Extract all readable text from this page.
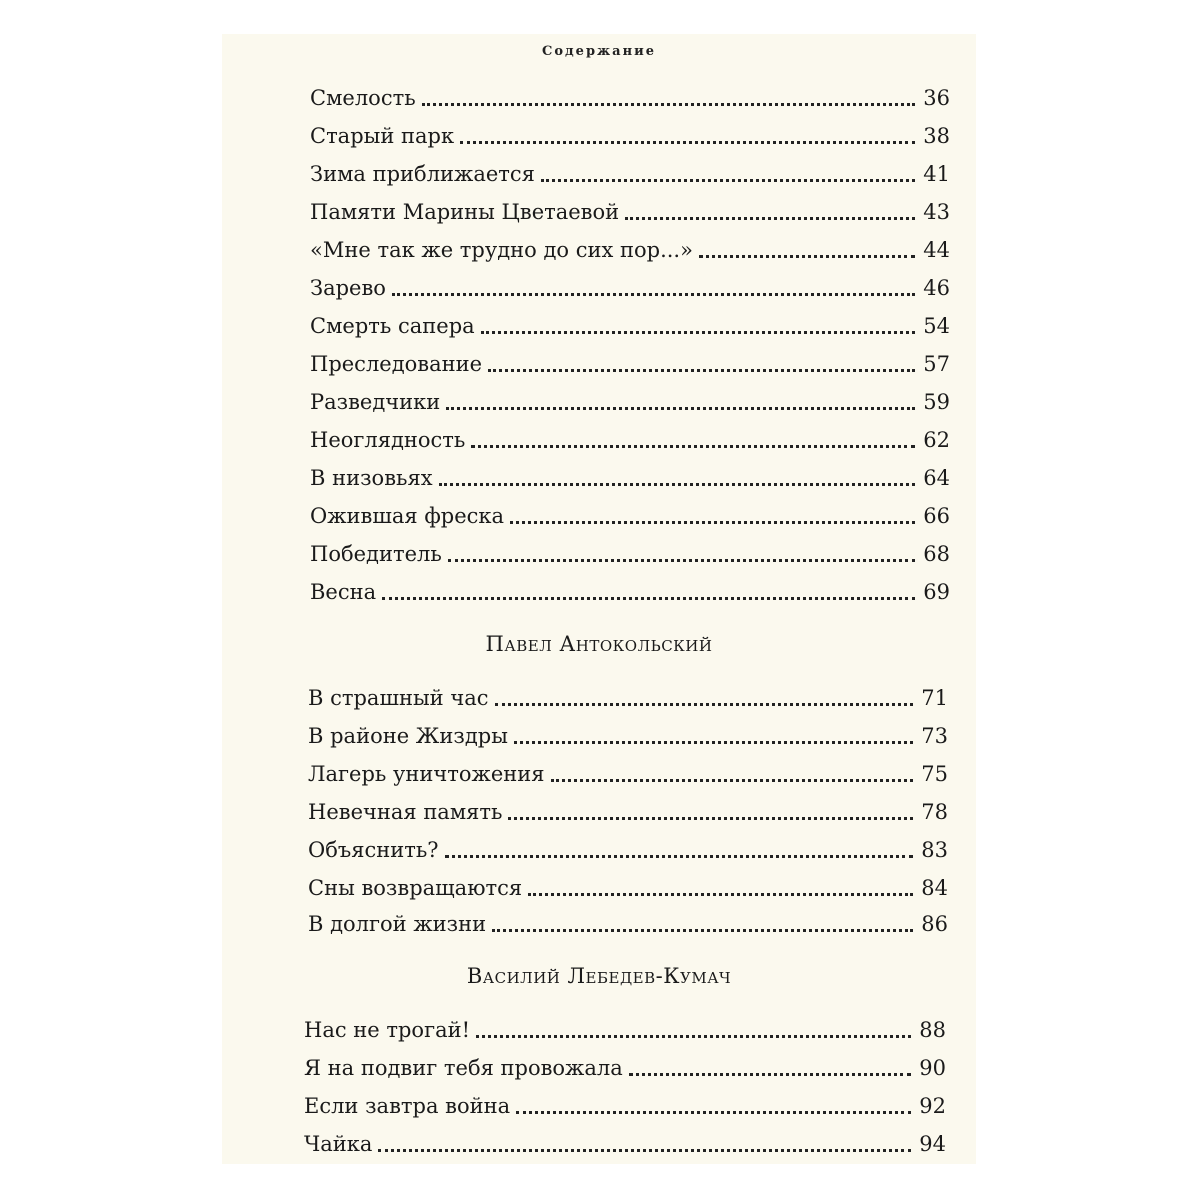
Содержание
Смелость	36
Старый парк	38
Зима приближается	41
Памяти Марины Цветаевой	43
«Мне так же трудно до сих пор...»	44
Зарево	46
Смерть сапера	54
Преследование	57
Разведчики	59
Неоглядность	62
В низовьях	64
Ожившая фреска	66
Победитель	68
Весна	69
Павел Антокольский
В страшный час	71
В районе Жиздры	73
Лагерь уничтожения	75
Невечная память	78
Объяснить?	83
Сны возвращаются	84
В долгой жизни	86
Василий Лебедев-Кумач
Нас не трогай!	88
Я на подвиг тебя провожала	90
Если завтра война	92
Чайка	94
